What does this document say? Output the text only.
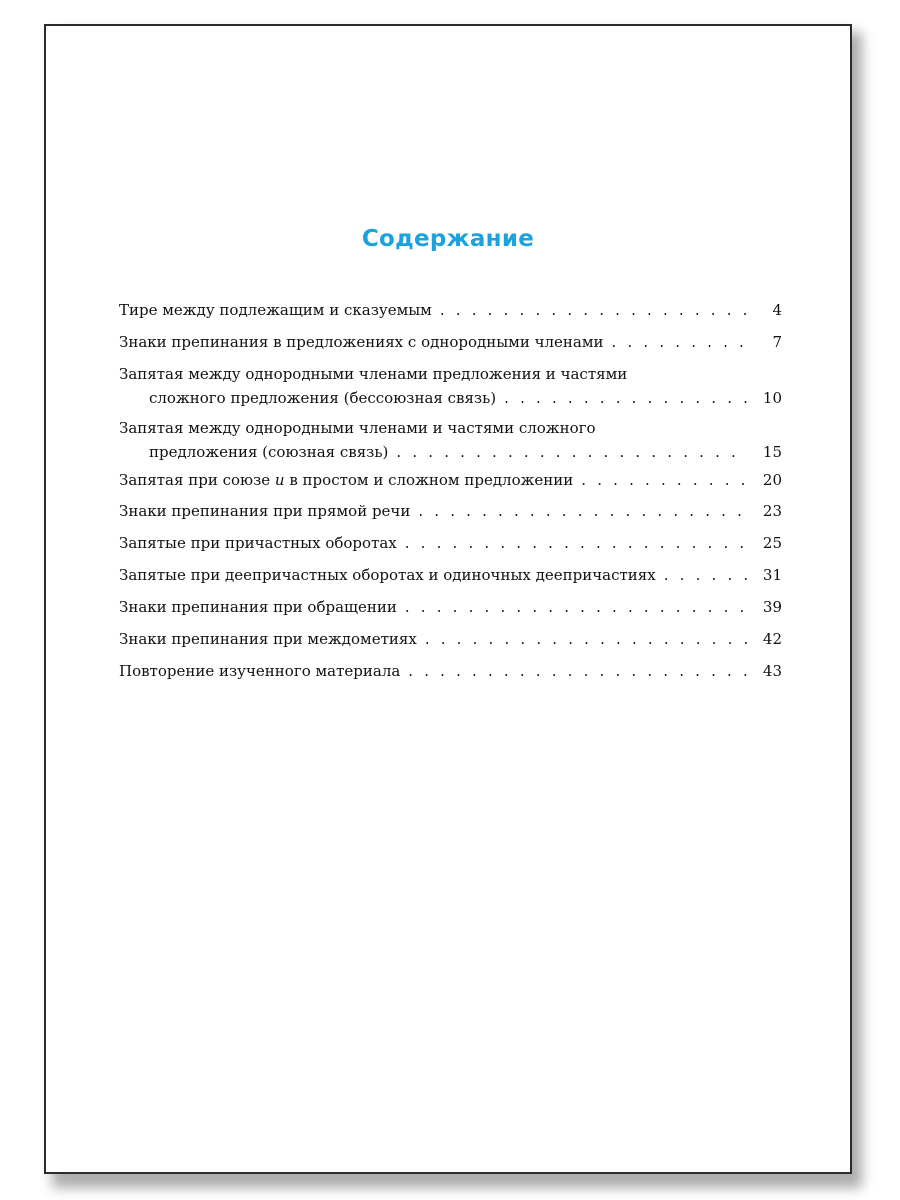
Содержание
Тире между подлежащим и сказуемым . . .	4
Знаки препинания в предложениях с однородными членами . . .	7
Запятая между однородными членами предложения и частями
сложного предложения (бессоюзная связь) . . .	10
Запятая между однородными членами и частями сложного
предложения (союзная связь) . . .	15
Запятая при союзе и в простом и сложном предложении . . .	20
Знаки препинания при прямой речи . . .	23
Запятые при причастных оборотах . . .	25
Запятые при деепричастных оборотах и одиночных деепричастиях . . .	31
Знаки препинания при обращении . . .	39
Знаки препинания при междометиях . . .	42
Повторение изученного материала . . .	43
